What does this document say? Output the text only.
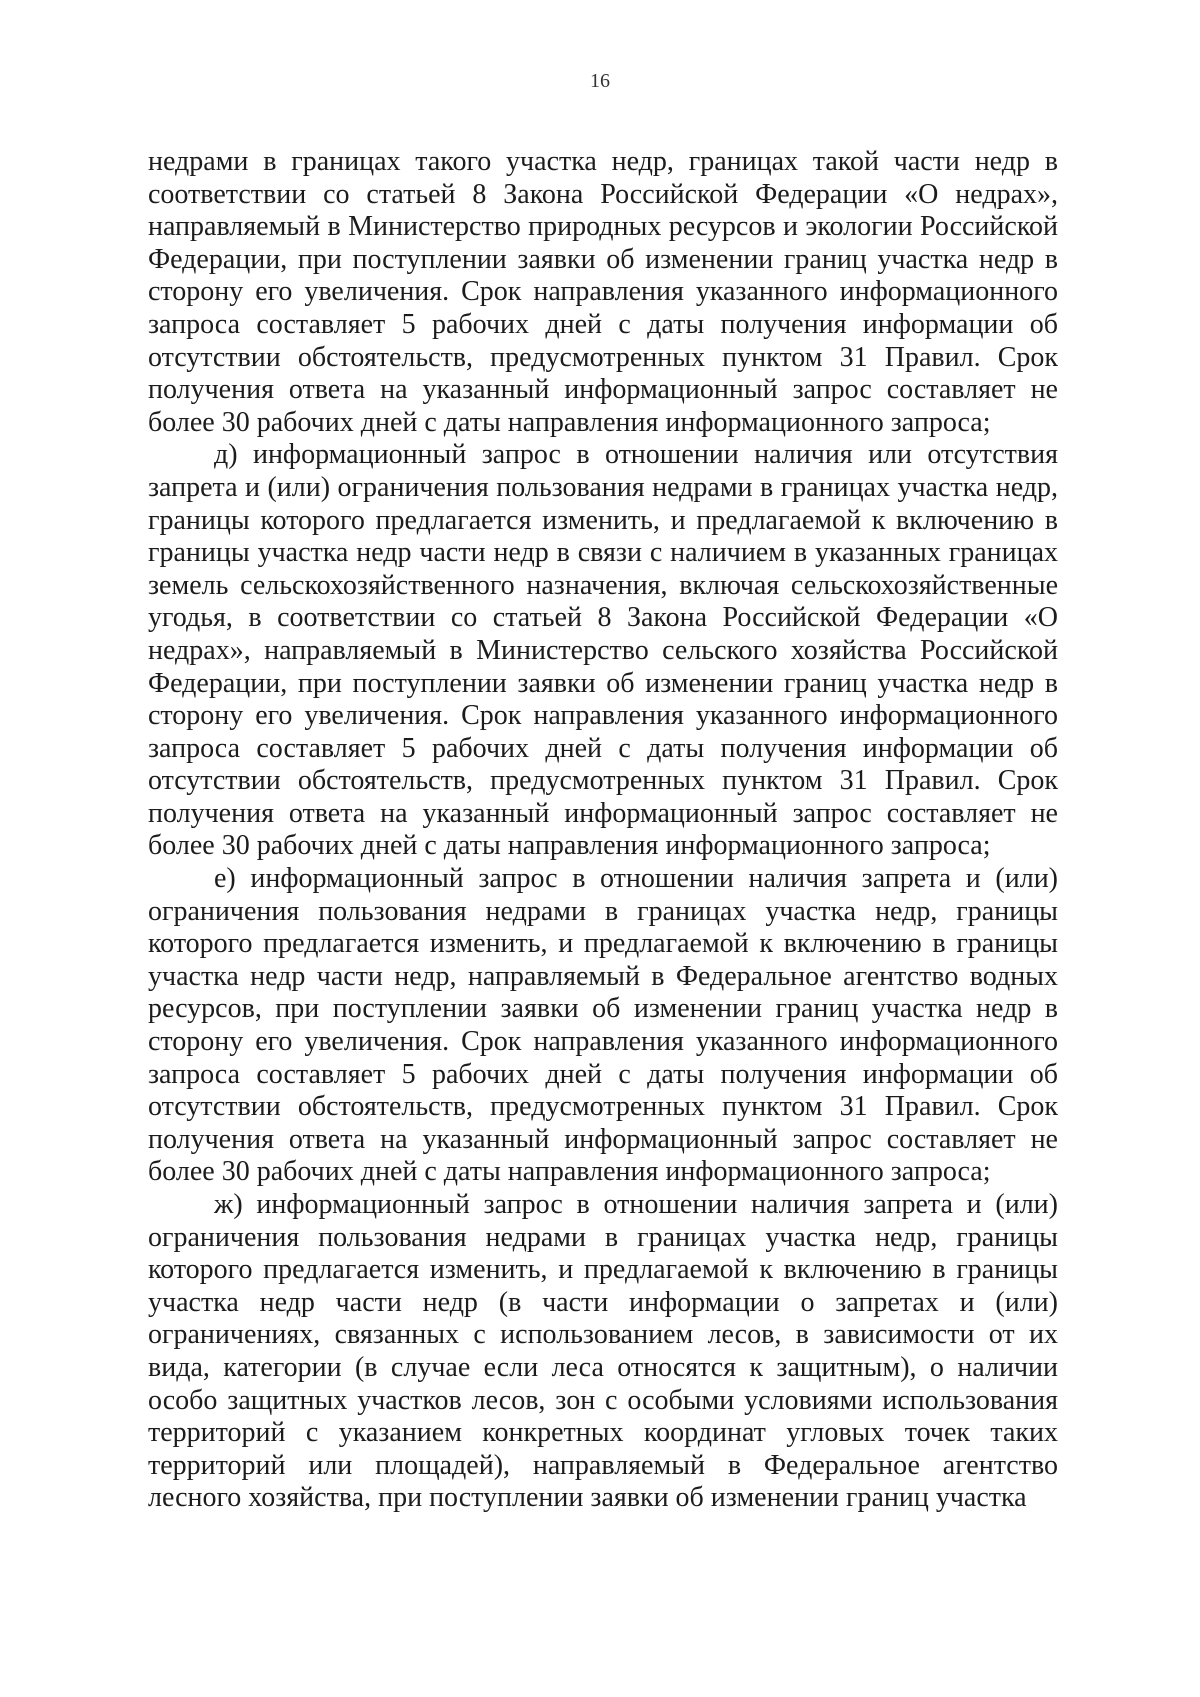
16

недрами в границах такого участка недр, границах такой части недр в соответствии со статьей 8 Закона Российской Федерации «О недрах», направляемый в Министерство природных ресурсов и экологии Российской Федерации, при поступлении заявки об изменении границ участка недр в сторону его увеличения. Срок направления указанного информационного запроса составляет 5 рабочих дней с даты получения информации об отсутствии обстоятельств, предусмотренных пунктом 31 Правил. Срок получения ответа на указанный информационный запрос составляет не более 30 рабочих дней с даты направления информационного запроса;

д) информационный запрос в отношении наличия или отсутствия запрета и (или) ограничения пользования недрами в границах участка недр, границы которого предлагается изменить, и предлагаемой к включению в границы участка недр части недр в связи с наличием в указанных границах земель сельскохозяйственного назначения, включая сельскохозяйственные угодья, в соответствии со статьей 8 Закона Российской Федерации «О недрах», направляемый в Министерство сельского хозяйства Российской Федерации, при поступлении заявки об изменении границ участка недр в сторону его увеличения. Срок направления указанного информационного запроса составляет 5 рабочих дней с даты получения информации об отсутствии обстоятельств, предусмотренных пунктом 31 Правил. Срок получения ответа на указанный информационный запрос составляет не более 30 рабочих дней с даты направления информационного запроса;

е) информационный запрос в отношении наличия запрета и (или) ограничения пользования недрами в границах участка недр, границы которого предлагается изменить, и предлагаемой к включению в границы участка недр части недр, направляемый в Федеральное агентство водных ресурсов, при поступлении заявки об изменении границ участка недр в сторону его увеличения. Срок направления указанного информационного запроса составляет 5 рабочих дней с даты получения информации об отсутствии обстоятельств, предусмотренных пунктом 31 Правил. Срок получения ответа на указанный информационный запрос составляет не более 30 рабочих дней с даты направления информационного запроса;

ж) информационный запрос в отношении наличия запрета и (или) ограничения пользования недрами в границах участка недр, границы которого предлагается изменить, и предлагаемой к включению в границы участка недр части недр (в части информации о запретах и (или) ограничениях, связанных с использованием лесов, в зависимости от их вида, категории (в случае если леса относятся к защитным), о наличии особо защитных участков лесов, зон с особыми условиями использования территорий с указанием конкретных координат угловых точек таких территорий или площадей), направляемый в Федеральное агентство лесного хозяйства, при поступлении заявки об изменении границ участка
